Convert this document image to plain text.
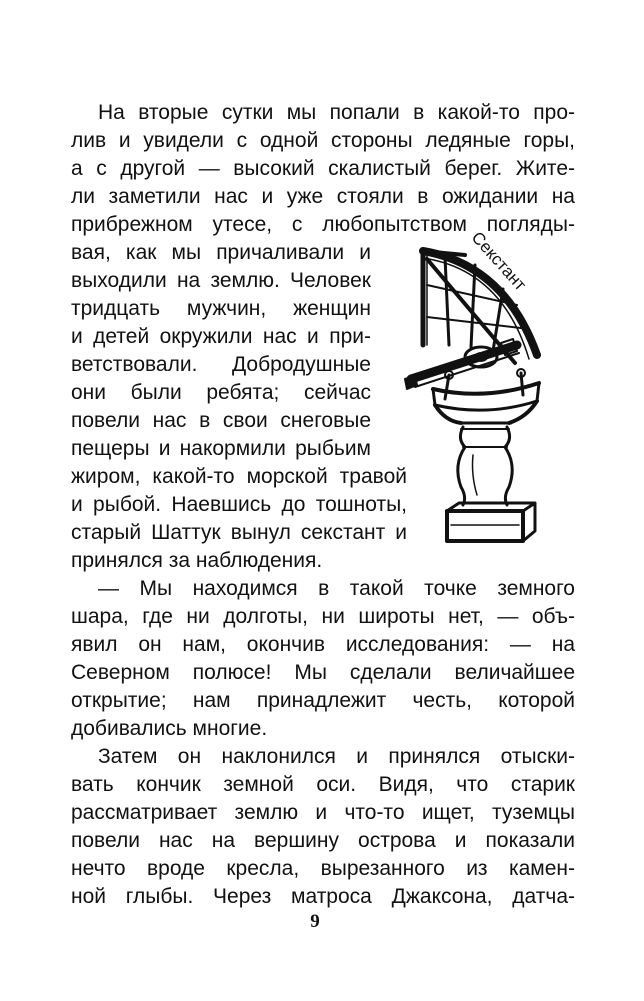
На вторые сутки мы попали в какой-то про-

лив и увидели с одной стороны ледяные горы,

а с другой — высокий скалистый берег. Жите-

ли заметили нас и уже стояли в ожидании на

прибрежном утесе, с любопытством погляды-

вая, как мы причаливали и

выходили на землю. Человек

тридцать мужчин, женщин

и детей окружили нас и при-

ветствовали. Добродушные

они были ребята; сейчас

повели нас в свои снеговые

пещеры и накормили рыбьим

жиром, какой-то морской травой

и рыбой. Наевшись до тошноты,

старый Шаттук вынул секстант и

принялся за наблюдения.

— Мы находимся в такой точке земного

шара, где ни долготы, ни широты нет, — объ-

явил он нам, окончив исследования: — на

Северном полюсе! Мы сделали величайшее

открытие; нам принадлежит честь, которой

добивались многие.

Затем он наклонился и принялся отыски-

вать кончик земной оси. Видя, что старик

рассматривает землю и что-то ищет, туземцы

повели нас на вершину острова и показали

нечто вроде кресла, вырезанного из камен-

ной глыбы. Через матроса Джаксона, датча-

Секстант
9
